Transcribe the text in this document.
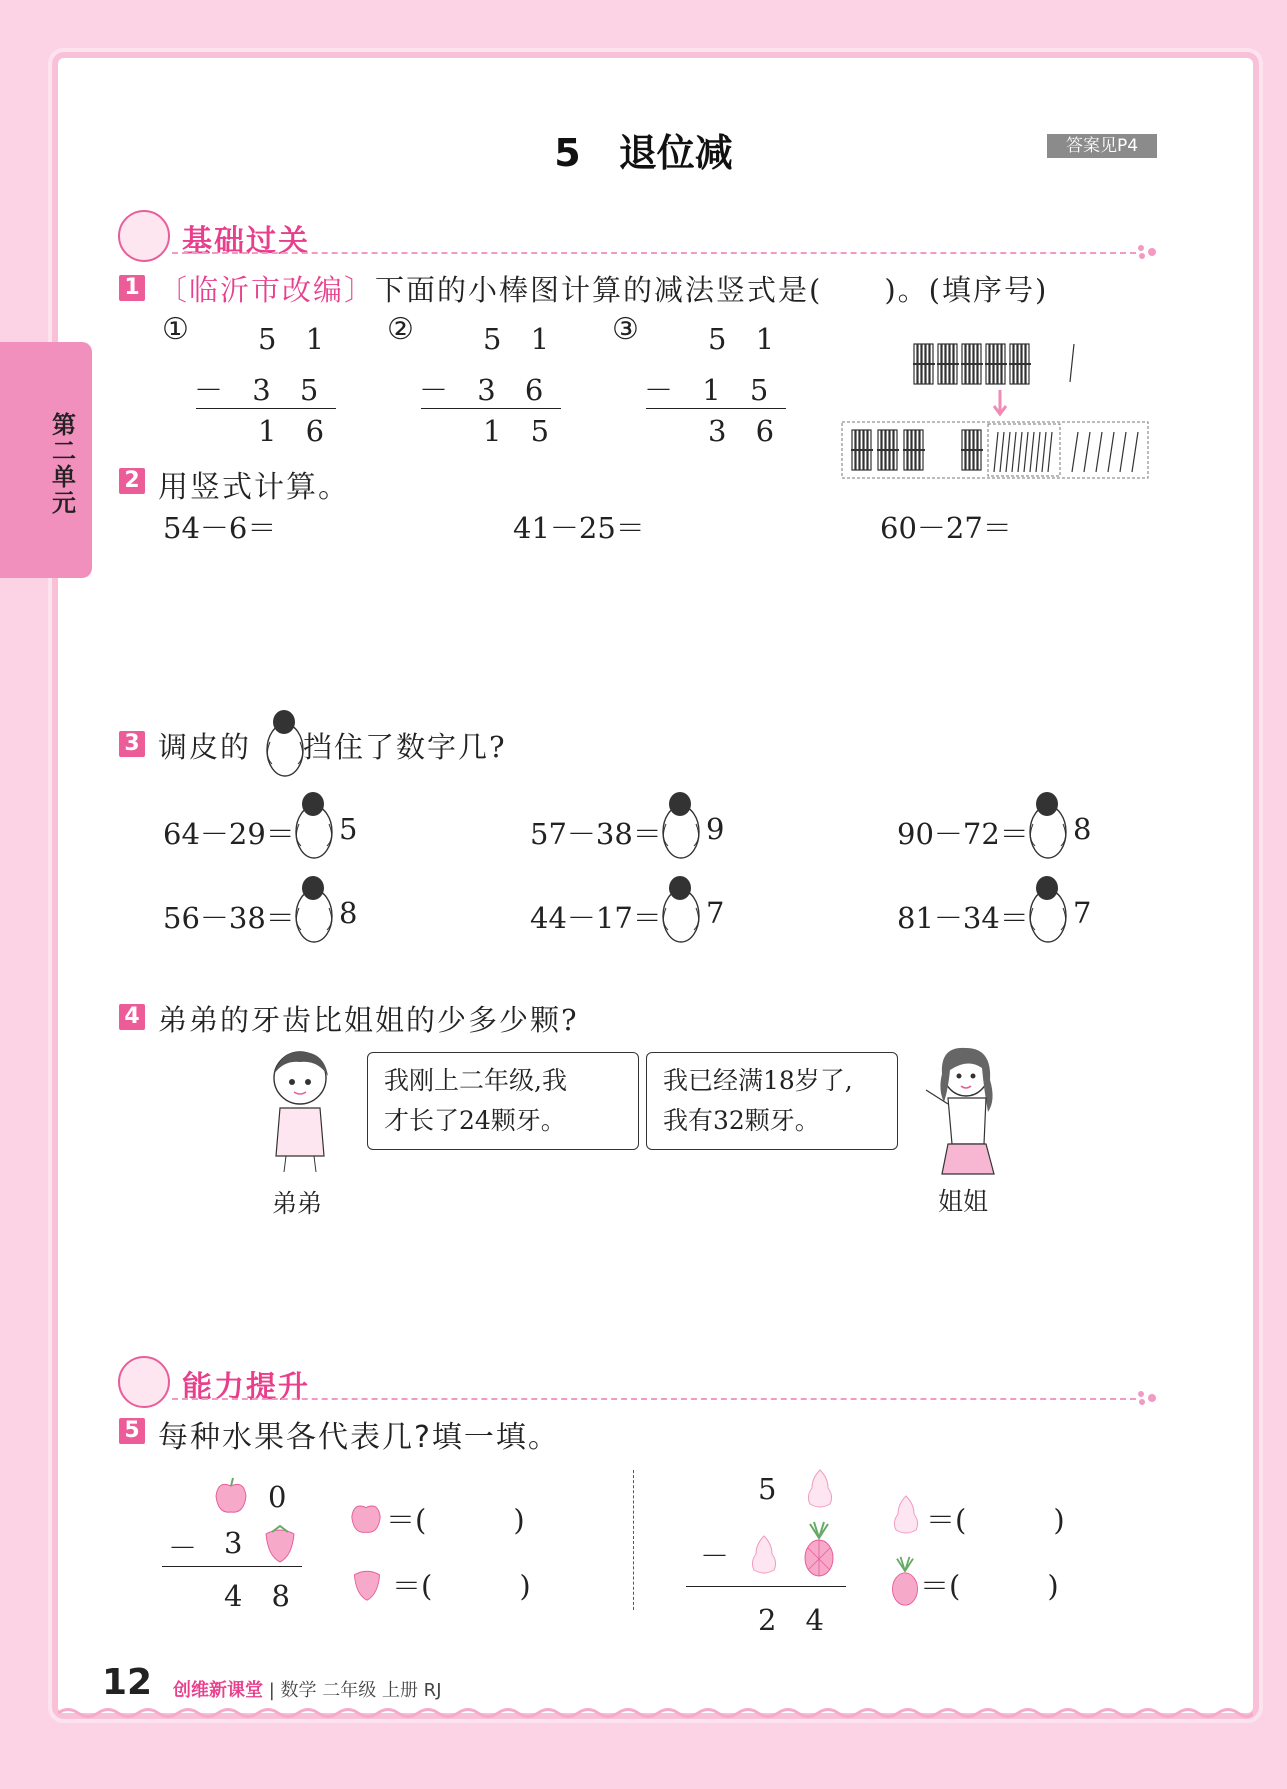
第二单元
5　退位减	答案见P4
基础过关
1 〔临沂市改编〕下面的小棒图计算的减法竖式是(　　)。(填序号)
① 5 1
－ 3 5
1 6
② 5 1
－ 3 6
1 5
③ 5 1
－ 1 5
3 6
2 用竖式计算。
54－6＝	41－25＝	60－27＝
3 调皮的 挡住了数字几?
64－29＝ 5	57－38＝ 9	90－72＝ 8
56－38＝ 8	44－17＝ 7	81－34＝ 7
4 弟弟的牙齿比姐姐的少多少颗?
我刚上二年级,我
才长了24颗牙。
弟弟
我已经满18岁了,
我有32颗牙。
姐姐
能力提升
5 每种水果各代表几?填一填。
0
－ 3
4　8
＝(　　　)
＝(　　　)
5
－
2　4
＝(　　　)
＝(　　　)
12 创维新课堂 | 数学 二年级 上册 RJ
